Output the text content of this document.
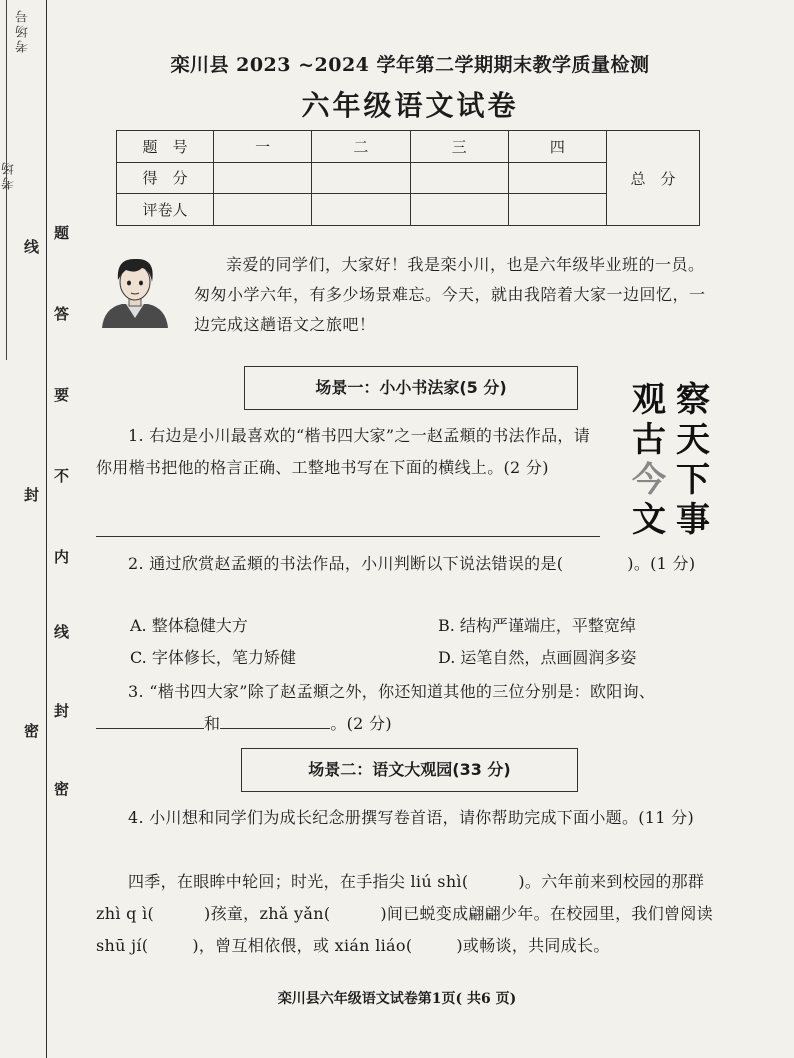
考场号
考场
线
题
答
要
封
不
内
线
封
密
密
栾川县 2023 ~2024 学年第二学期期末教学质量检测
六年级语文试卷
题　号	一	二	三	四	总　分
得　分					
评卷人					
亲爱的同学们，大家好！我是栾小川，也是六年级毕业班的一员。匆匆小学六年，有多少场景难忘。今天，就由我陪着大家一边回忆，一边完成这趟语文之旅吧！
场景一：小小书法家(5 分)	察
天
下
事
观
古
今
文
1. 右边是小川最喜欢的“楷书四大家”之一赵孟頫的书法作品，请你用楷书把他的格言正确、工整地书写在下面的横线上。(2 分)
2. 通过欣赏赵孟頫的书法作品，小川判断以下说法错误的是(	)。(1 分)
A. 整体稳健大方	B. 结构严谨端庄，平整宽绰
C. 字体修长，笔力矫健	D. 运笔自然，点画圆润多姿
3. “楷书四大家”除了赵孟頫之外，你还知道其他的三位分别是：欧阳询、和	。(2 分)
场景二：语文大观园(33 分)
4. 小川想和同学们为成长纪念册撰写卷首语，请你帮助完成下面小题。(11 分)
四季，在眼眸中轮回；时光，在手指尖 liú shì(	)。六年前来到校园的那群 zhì q ì(	)孩童，zhǎ yǎn(	)间已蜕变成翩翩少年。在校园里，我们曾阅读 shū jí(	)，曾互相依偎，或 xián liáo(	)或畅谈，共同成长。
栾川县六年级语文试卷第1页( 共6 页)
